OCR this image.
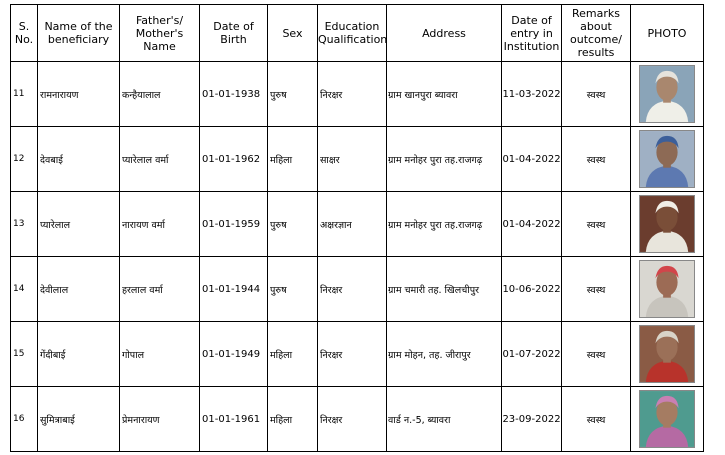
S. No.	Name of the beneficiary	Father's/ Mother's Name	Date of Birth	Sex	Education Qualification	Address	Date of entry in Institution	Remarks about outcome/ results	PHOTO
11	रामनारायण	कन्हैयालाल	01-01-1938	पुरुष	निरक्षर	ग्राम खानपुरा ब्यावरा	11-03-2022	स्वस्थ	

12	देवबाई	प्यारेलाल वर्मा	01-01-1962	महिला	साक्षर	ग्राम मनोहर पुरा तह.राजगढ़	01-04-2022	स्वस्थ	

13	प्यारेलाल	नारायण वर्मा	01-01-1959	पुरुष	अक्षरज्ञान	ग्राम मनोहर पुरा तह.राजगढ़	01-04-2022	स्वस्थ	

14	देवीलाल	हरलाल वर्मा	01-01-1944	पुरुष	निरक्षर	ग्राम चमारी तह. खिलचीपुर	10-06-2022	स्वस्थ	

15	गेंदीबाई	गोपाल	01-01-1949	महिला	निरक्षर	ग्राम मोहन, तह. जीरापुर	01-07-2022	स्वस्थ	

16	सुमित्राबाई	प्रेमनारायण	01-01-1961	महिला	निरक्षर	वार्ड न.-5, ब्यावरा	23-09-2022	स्वस्थ	
